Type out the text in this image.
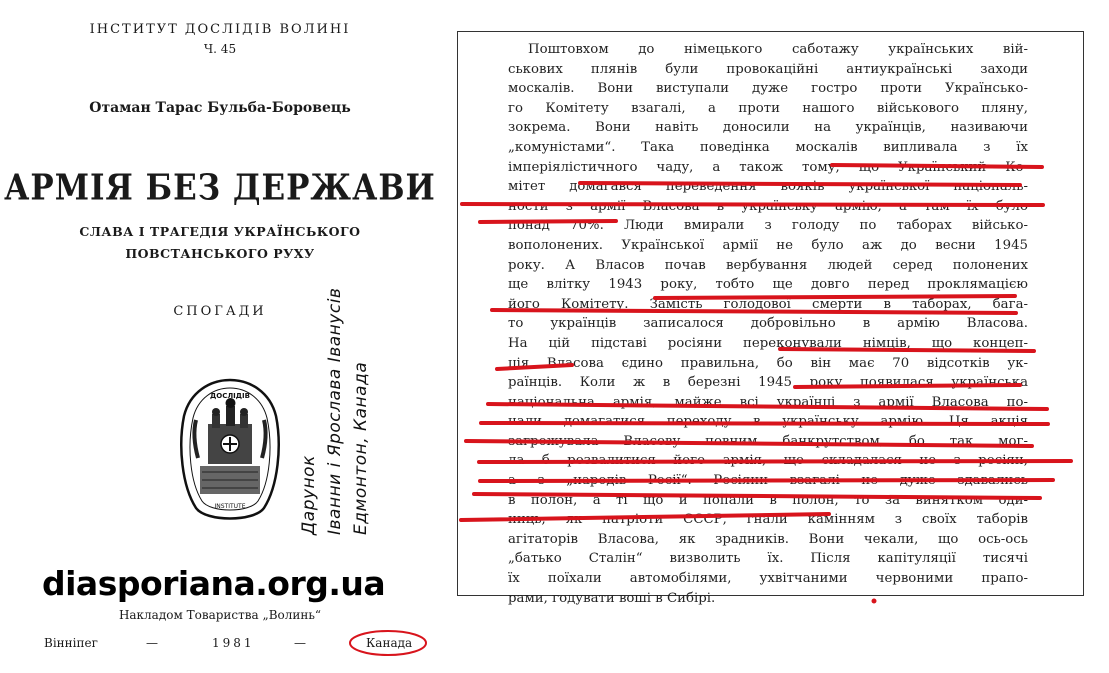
ІНСТИТУТ ДОСЛІДІВ ВОЛИНІ
Ч. 45
Отаман Тарас Бульба-Боровець
АРМІЯ БЕЗ ДЕРЖАВИ
СЛАВА І ТРАГЕДІЯ УКРАЇНСЬКОГО
ПОВСТАНСЬКОГО РУХУ
СПОГАДИ
ДОСЛІДІВ
INSTITUTE	Дарунок Іванни і Ярослава Іванусів Едмонтон, Канада
diasporiana.org.ua
Накладом Товариства „Волинь“
Вінніпег	—	1981	—	Канада
Поштовхом до німецького саботажу українських вій-
ськових плянів були провокаційні антиукраїнські заходи
москалів. Вони виступали дуже гостро проти Українсько-
го Комітету взагалі, а проти нашого військового пляну,
зокрема. Вони навіть доносили на українців, називаючи
„комуністами“. Така поведінка москалів випливала з їх
імперіялістичного чаду, а також тому, що Український Ко-
мітет домагався переведення вояків української національ-
ности з армії Власова в українську армію, а там їх було
понад 70%. Люди вмирали з голоду по таборах військо-
вополонених. Української армії не було аж до весни 1945
року. А Власов почав вербування людей серед полонених
ще влітку 1943 року, тобто ще довго перед проклямацією
його Комітету. Замість голодової смерти в таборах, бага-
то українців записалося добровільно в армію Власова.
На цій підставі росіяни переконували німців, що концеп-
ція Власова єдино правильна, бо він має 70 відсотків ук-
раїнців. Коли ж в березні 1945 року появилася українська
національна армія, майже всі українці з армії Власова по-
чали домагатися переходу в українську армію. Ця акція
загрожувала Власову повним банкрутством, бо так мог-
ла б розвалитися його армія, що складалася не з росіян,
а з „народів Росії“. Росіяни взагалі не дуже здавались
в полон, а ті що й попали в полон, то за винятком оди-
ниць, як патріоти СССР, гнали камінням з своїх таборів
агітаторів Власова, як зрадників. Вони чекали, що ось-ось
„батько Сталін“ визволить їх. Після капітуляції тисячі
їх поїхали автомобілями, ухвітчаними червоними прапо-
рами, годувати воші в Сибірі.
